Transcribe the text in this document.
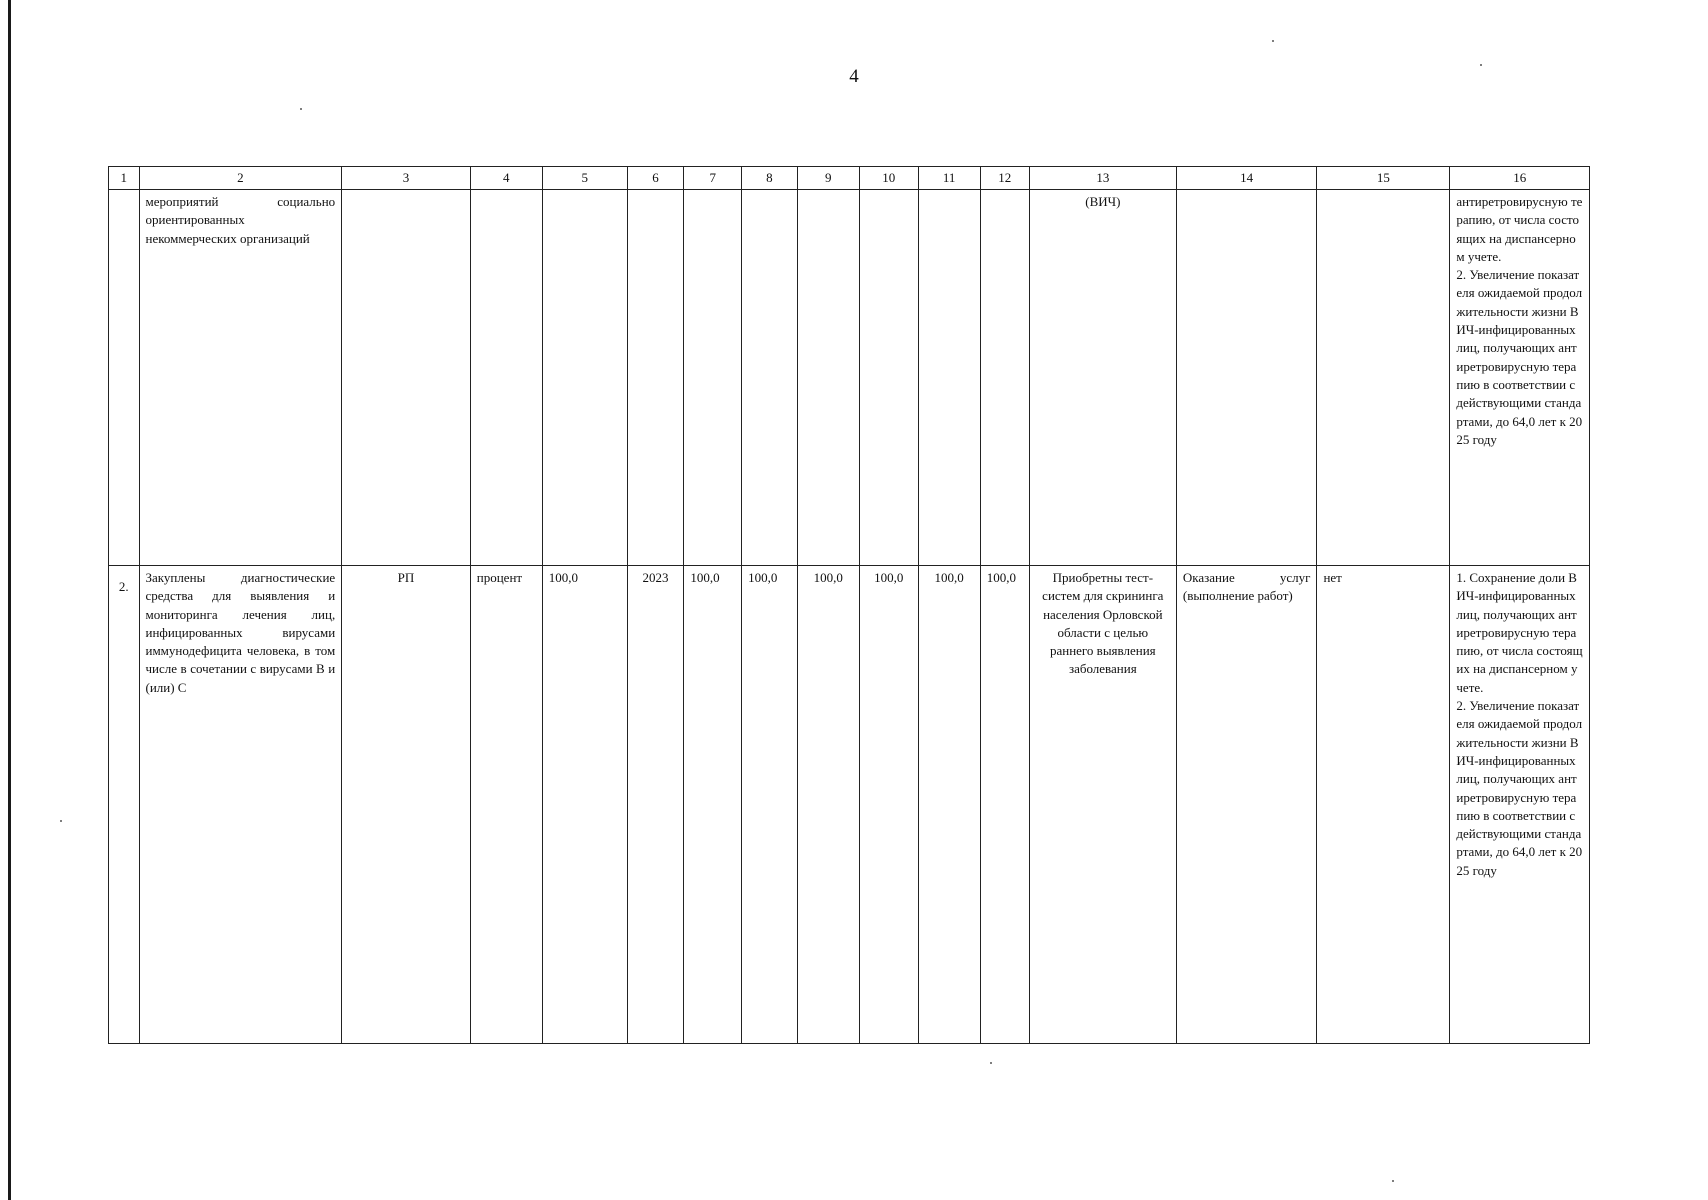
4
1	2	3	4	5	6	7	8	9	10	11	12	13	14	15	16
	мероприятий социально ориентированных некоммерческих организаций											(ВИЧ)			антиретровирусную терапию, от числа состоящих на диспансерном учете.
2. Увеличение показателя ожидаемой продолжительности жизни ВИЧ-инфицированных лиц, получающих антиретровирусную терапию в соответствии с действующими стандартами, до 64,0 лет к 2025 году
2.	Закуплены диагностические средства для выявления и мониторинга лечения лиц, инфицированных вирусами иммунодефицита человека, в том числе в сочетании с вирусами В и (или) С	РП	процент	100,0	2023	100,0	100,0	100,0	100,0	100,0	100,0	Приобретны тест-систем для скрининга населения Орловской области с целью раннего выявления заболевания	Оказание услуг (выполнение работ)	нет	1. Сохранение доли ВИЧ-инфицированных лиц, получающих антиретровирусную терапию, от числа состоящих на диспансерном учете.
2. Увеличение показателя ожидаемой продолжительности жизни ВИЧ-инфицированных лиц, получающих антиретровирусную терапию в соответствии с действующими стандартами, до 64,0 лет к 2025 году
